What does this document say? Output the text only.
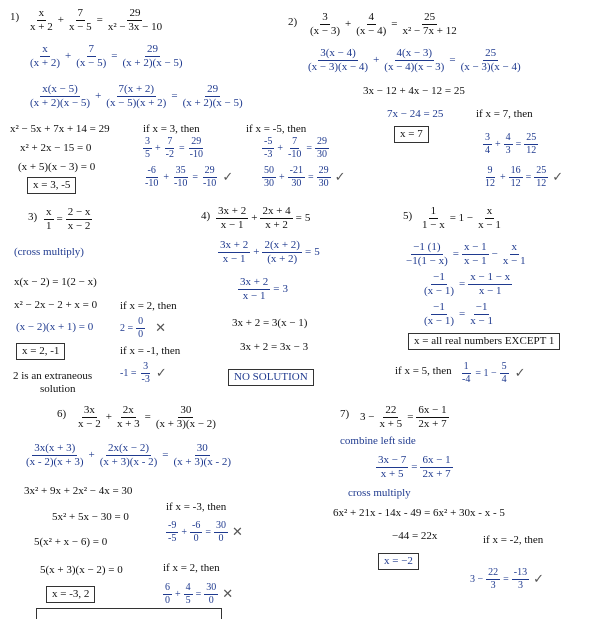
$1) \frac{x}{x + 2} + \frac{7}{x - 5} = \frac{29}{\text{x² − 3x − 10}}$
$\frac{x}{(x + 2)} + \frac{7}{(x - 5)} = \frac{29}{(x + 2)(x - 5)}$
$\frac{x(x - 5)}{(x + 2)(x - 5)} + \frac{7(x + 2)}{(x - 5)(x + 2)} = \frac{29}{(x + 2)(x - 5)}$
x² − 5x + 7x + 14 = 29
x² + 2x − 15 = 0
(x + 5)(x − 3) = 0
x = 3, -5
if x = 3, then
$\frac{3}{5} + \frac{7}{-2} = \frac{29}{-10}$
$\frac{-6}{-10} + \frac{35}{-10} = \frac{29}{-10}$ ✓
if x = -5, then
$\frac{-5}{-3} + \frac{7}{-10} = \frac{29}{30}$
$\frac{50}{30} + \frac{-21}{30} = \frac{29}{30}$ ✓
$2) \frac{3}{(x - 3)} + \frac{4}{(x - 4)} = \frac{25}{\text{x² − 7x + 12}}$
$\frac{3(x - 4)}{(x - 3)(x - 4)} + \frac{4(x - 3)}{(x - 4)(x - 3)} = \frac{25}{(x - 3)(x - 4)}$
3x − 12 + 4x − 12 = 25
7x − 24 = 25	if x = 7, then
x = 7	$\frac{3}{4} + \frac{4}{3} = \frac{25}{12}$
$\frac{9}{12} + \frac{16}{12} = \frac{25}{12}$ ✓
$3) \frac{x}{1} = \frac{2 - x}{x - 2}$
(cross multiply)
x(x − 2) = 1(2 − x)
x² − 2x − 2 + x = 0
(x − 2)(x + 1) = 0
x = 2, -1
2 is an extraneous
solution
if x = 2, then
$2 = \frac{0}{0}$ ✕
if x = -1, then
$-1 = \frac{3}{-3}$ ✓
$4) \frac{3x + 2}{x - 1} + \frac{2x + 4}{x + 2} = 5$
$\frac{3x + 2}{x - 1} + \frac{2(x + 2)}{(x + 2)} = 5$
$\frac{3x + 2}{x - 1} = 3$
3x + 2 = 3(x − 1)
3x + 2 = 3x − 3
NO SOLUTION
$5) \frac{1}{1 - x} = 1 - \frac{x}{x - 1}$
$\frac{-1 (1)}{-1(1 - x)} = \frac{x - 1}{x - 1} - \frac{x}{x - 1}$
$\frac{-1}{(x - 1)} = \frac{x - 1 - x}{x - 1}$
$\frac{-1}{(x - 1)} = \frac{-1}{x - 1}$
x = all real numbers EXCEPT 1
if x = 5, then $\frac{1}{-4} = 1 - \frac{5}{4}$ ✓
$6) \frac{3x}{x - 2} + \frac{2x}{x + 3} = \frac{30}{(x + 3)(x - 2)}$
$\frac{3x(x + 3)}{(x - 2)(x + 3)} + \frac{2x(x - 2)}{(x + 3)(x - 2)} = \frac{30}{(x + 3)(x - 2)}$
3x² + 9x + 2x² − 4x = 30
5x² + 5x − 30 = 0
5(x² + x − 6) = 0
5(x + 3)(x − 2) = 0
x = -3, 2
if x = -3, then
$\frac{-9}{-5} + \frac{-6}{0} = \frac{30}{0}$ ✕
if x = 2, then
$\frac{6}{0} + \frac{4}{5} = \frac{30}{0}$ ✕
7) $3 - \frac{22}{x + 5} = \frac{6x - 1}{2x + 7}$
combine left side
$\frac{3x - 7}{x + 5} = \frac{6x - 1}{2x + 7}$
cross multiply
6x² + 21x - 14x - 49 = 6x² + 30x - x - 5
−44 = 22x	if x = -2, then
x = −2
$3 - \frac{22}{3} = \frac{-13}{3}$ ✓
